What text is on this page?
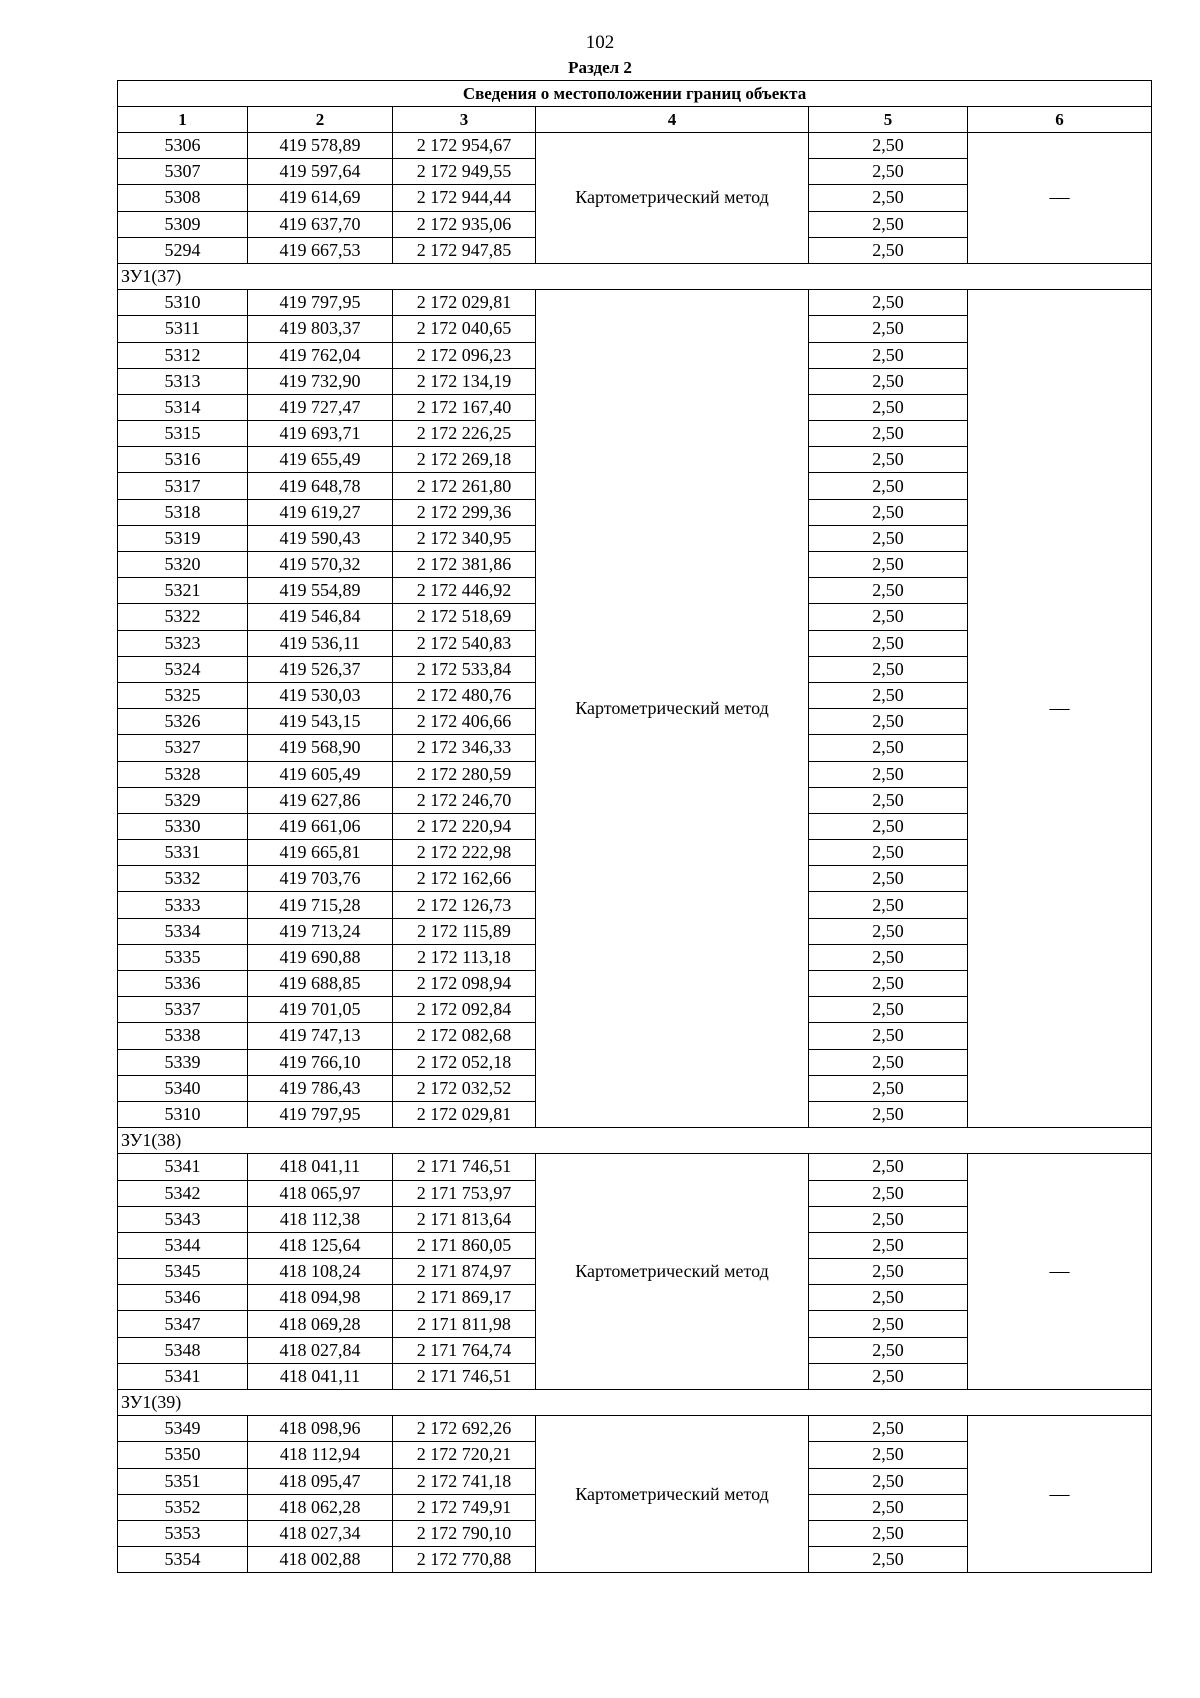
102
Раздел 2
Сведения о местоположении границ объекта					
1	2	3	4	5	6
5306	419 578,89	2 172 954,67	Картометрический метод	2,50	—
5307	419 597,64	2 172 949,55		2,50	
5308	419 614,69	2 172 944,44		2,50	
5309	419 637,70	2 172 935,06		2,50	
5294	419 667,53	2 172 947,85		2,50	
ЗУ1(37)					
5310	419 797,95	2 172 029,81	Картометрический метод	2,50	—
5311	419 803,37	2 172 040,65		2,50	
5312	419 762,04	2 172 096,23		2,50	
5313	419 732,90	2 172 134,19		2,50	
5314	419 727,47	2 172 167,40		2,50	
5315	419 693,71	2 172 226,25		2,50	
5316	419 655,49	2 172 269,18		2,50	
5317	419 648,78	2 172 261,80		2,50	
5318	419 619,27	2 172 299,36		2,50	
5319	419 590,43	2 172 340,95		2,50	
5320	419 570,32	2 172 381,86		2,50	
5321	419 554,89	2 172 446,92		2,50	
5322	419 546,84	2 172 518,69		2,50	
5323	419 536,11	2 172 540,83		2,50	
5324	419 526,37	2 172 533,84		2,50	
5325	419 530,03	2 172 480,76		2,50	
5326	419 543,15	2 172 406,66		2,50	
5327	419 568,90	2 172 346,33		2,50	
5328	419 605,49	2 172 280,59		2,50	
5329	419 627,86	2 172 246,70		2,50	
5330	419 661,06	2 172 220,94		2,50	
5331	419 665,81	2 172 222,98		2,50	
5332	419 703,76	2 172 162,66		2,50	
5333	419 715,28	2 172 126,73		2,50	
5334	419 713,24	2 172 115,89		2,50	
5335	419 690,88	2 172 113,18		2,50	
5336	419 688,85	2 172 098,94		2,50	
5337	419 701,05	2 172 092,84		2,50	
5338	419 747,13	2 172 082,68		2,50	
5339	419 766,10	2 172 052,18		2,50	
5340	419 786,43	2 172 032,52		2,50	
5310	419 797,95	2 172 029,81		2,50	
ЗУ1(38)					
5341	418 041,11	2 171 746,51	Картометрический метод	2,50	—
5342	418 065,97	2 171 753,97		2,50	
5343	418 112,38	2 171 813,64		2,50	
5344	418 125,64	2 171 860,05		2,50	
5345	418 108,24	2 171 874,97		2,50	
5346	418 094,98	2 171 869,17		2,50	
5347	418 069,28	2 171 811,98		2,50	
5348	418 027,84	2 171 764,74		2,50	
5341	418 041,11	2 171 746,51		2,50	
ЗУ1(39)					
5349	418 098,96	2 172 692,26	Картометрический метод	2,50	—
5350	418 112,94	2 172 720,21		2,50	
5351	418 095,47	2 172 741,18		2,50	
5352	418 062,28	2 172 749,91		2,50	
5353	418 027,34	2 172 790,10		2,50	
5354	418 002,88	2 172 770,88		2,50	
